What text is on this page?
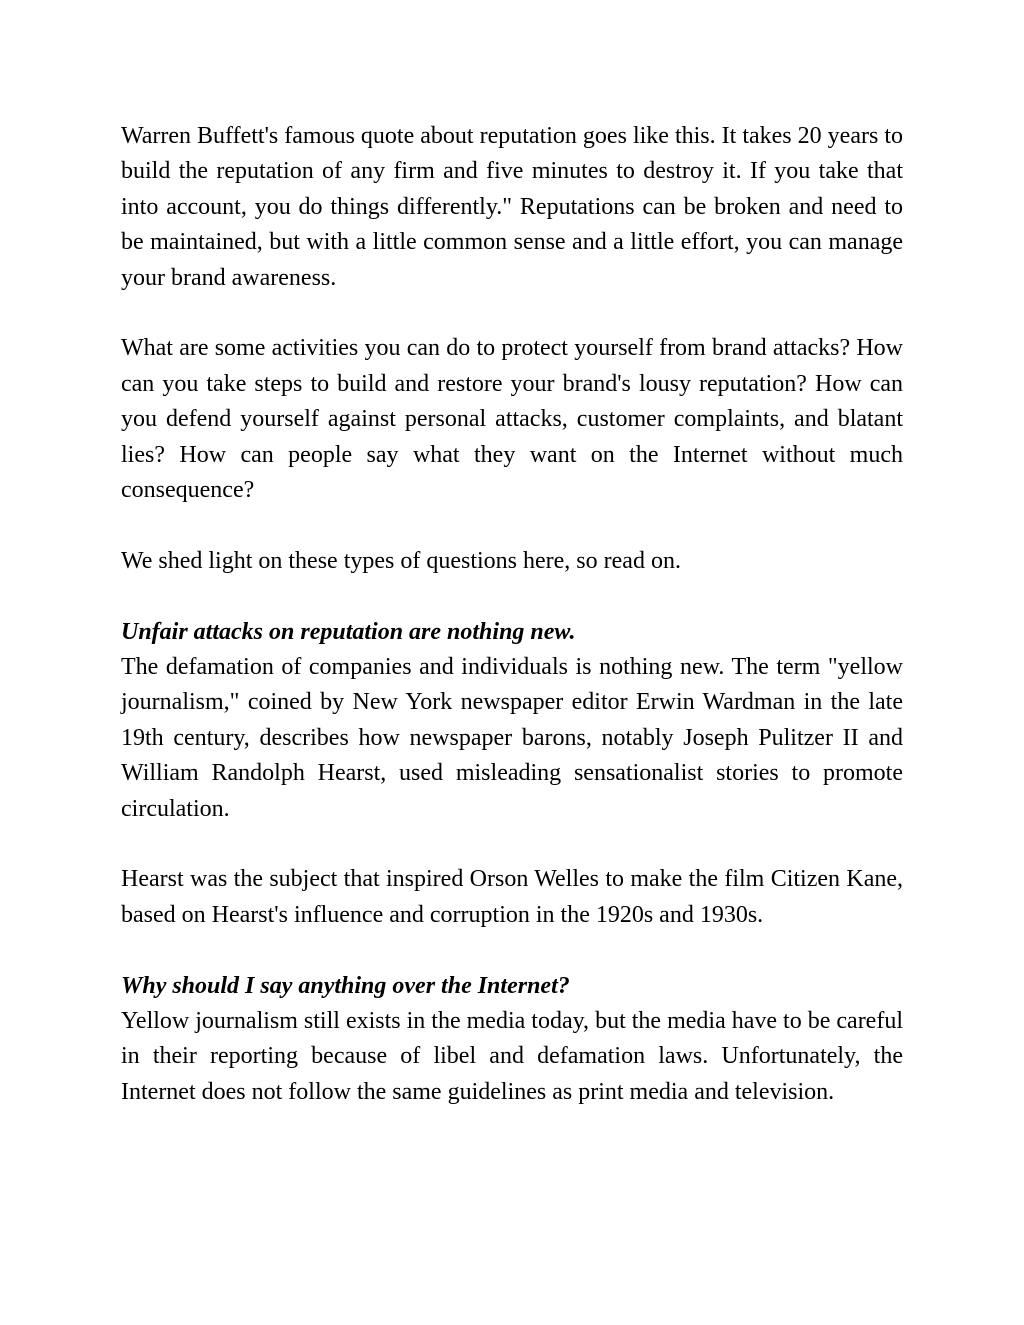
Warren Buffett's famous quote about reputation goes like this. It takes 20 years to build the reputation of any firm and five minutes to destroy it. If you take that into account, you do things differently." Reputations can be broken and need to be maintained, but with a little common sense and a little effort, you can manage your brand awareness.

What are some activities you can do to protect yourself from brand attacks? How can you take steps to build and restore your brand's lousy reputation? How can you defend yourself against personal attacks, customer complaints, and blatant lies? How can people say what they want on the Internet without much consequence?

We shed light on these types of questions here, so read on.

Unfair attacks on reputation are nothing new.

The defamation of companies and individuals is nothing new. The term "yellow journalism," coined by New York newspaper editor Erwin Wardman in the late 19th century, describes how newspaper barons, notably Joseph Pulitzer II and William Randolph Hearst, used misleading sensationalist stories to promote circulation.

Hearst was the subject that inspired Orson Welles to make the film Citizen Kane, based on Hearst's influence and corruption in the 1920s and 1930s.

Why should I say anything over the Internet?

Yellow journalism still exists in the media today, but the media have to be careful in their reporting because of libel and defamation laws. Unfortunately, the Internet does not follow the same guidelines as print media and television.
